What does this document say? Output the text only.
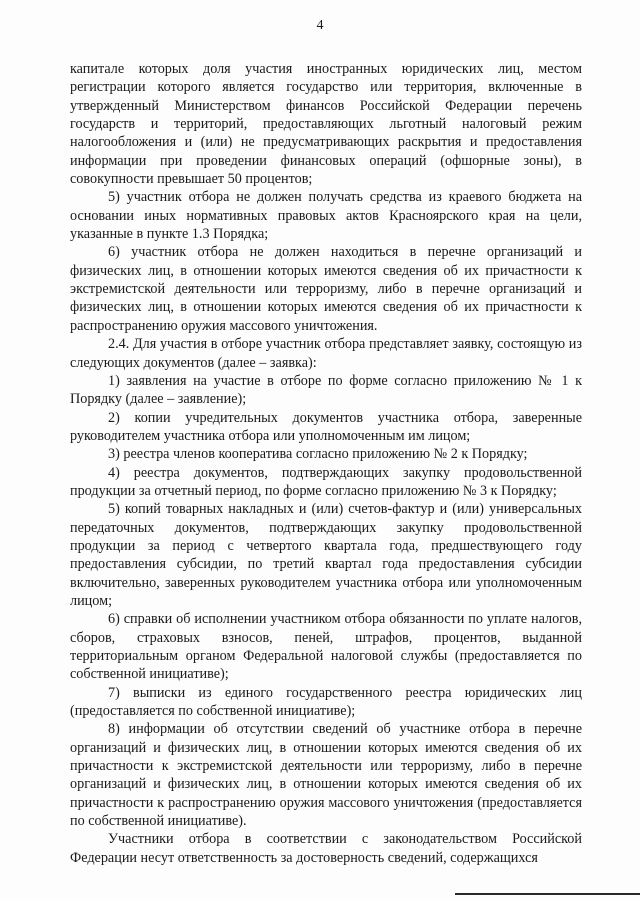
4

капитале которых доля участия иностранных юридических лиц, местом регистрации которого является государство или территория, включенные в утвержденный Министерством финансов Российской Федерации перечень государств и территорий, предоставляющих льготный налоговый режим налогообложения и (или) не предусматривающих раскрытия и предоставления информации при проведении финансовых операций (офшорные зоны), в совокупности превышает 50 процентов;

5) участник отбора не должен получать средства из краевого бюджета на основании иных нормативных правовых актов Красноярского края на цели, указанные в пункте 1.3 Порядка;

6) участник отбора не должен находиться в перечне организаций и физических лиц, в отношении которых имеются сведения об их причастности к экстремистской деятельности или терроризму, либо в перечне организаций и физических лиц, в отношении которых имеются сведения об их причастности к распространению оружия массового уничтожения.

2.4. Для участия в отборе участник отбора представляет заявку, состоящую из следующих документов (далее – заявка):

1) заявления на участие в отборе по форме согласно приложению № 1 к Порядку (далее – заявление);

2) копии учредительных документов участника отбора, заверенные руководителем участника отбора или уполномоченным им лицом;

3) реестра членов кооператива согласно приложению № 2 к Порядку;

4) реестра документов, подтверждающих закупку продовольственной продукции за отчетный период, по форме согласно приложению № 3 к Порядку;

5) копий товарных накладных и (или) счетов-фактур и (или) универсальных передаточных документов, подтверждающих закупку продовольственной продукции за период с четвертого квартала года, предшествующего году предоставления субсидии, по третий квартал года предоставления субсидии включительно, заверенных руководителем участника отбора или уполномоченным лицом;

6) справки об исполнении участником отбора обязанности по уплате налогов, сборов, страховых взносов, пеней, штрафов, процентов, выданной территориальным органом Федеральной налоговой службы (предоставляется по собственной инициативе);

7) выписки из единого государственного реестра юридических лиц (предоставляется по собственной инициативе);

8) информации об отсутствии сведений об участнике отбора в перечне организаций и физических лиц, в отношении которых имеются сведения об их причастности к экстремистской деятельности или терроризму, либо в перечне организаций и физических лиц, в отношении которых имеются сведения об их причастности к распространению оружия массового уничтожения (предоставляется по собственной инициативе).

Участники отбора в соответствии с законодательством Российской Федерации несут ответственность за достоверность сведений, содержащихся
